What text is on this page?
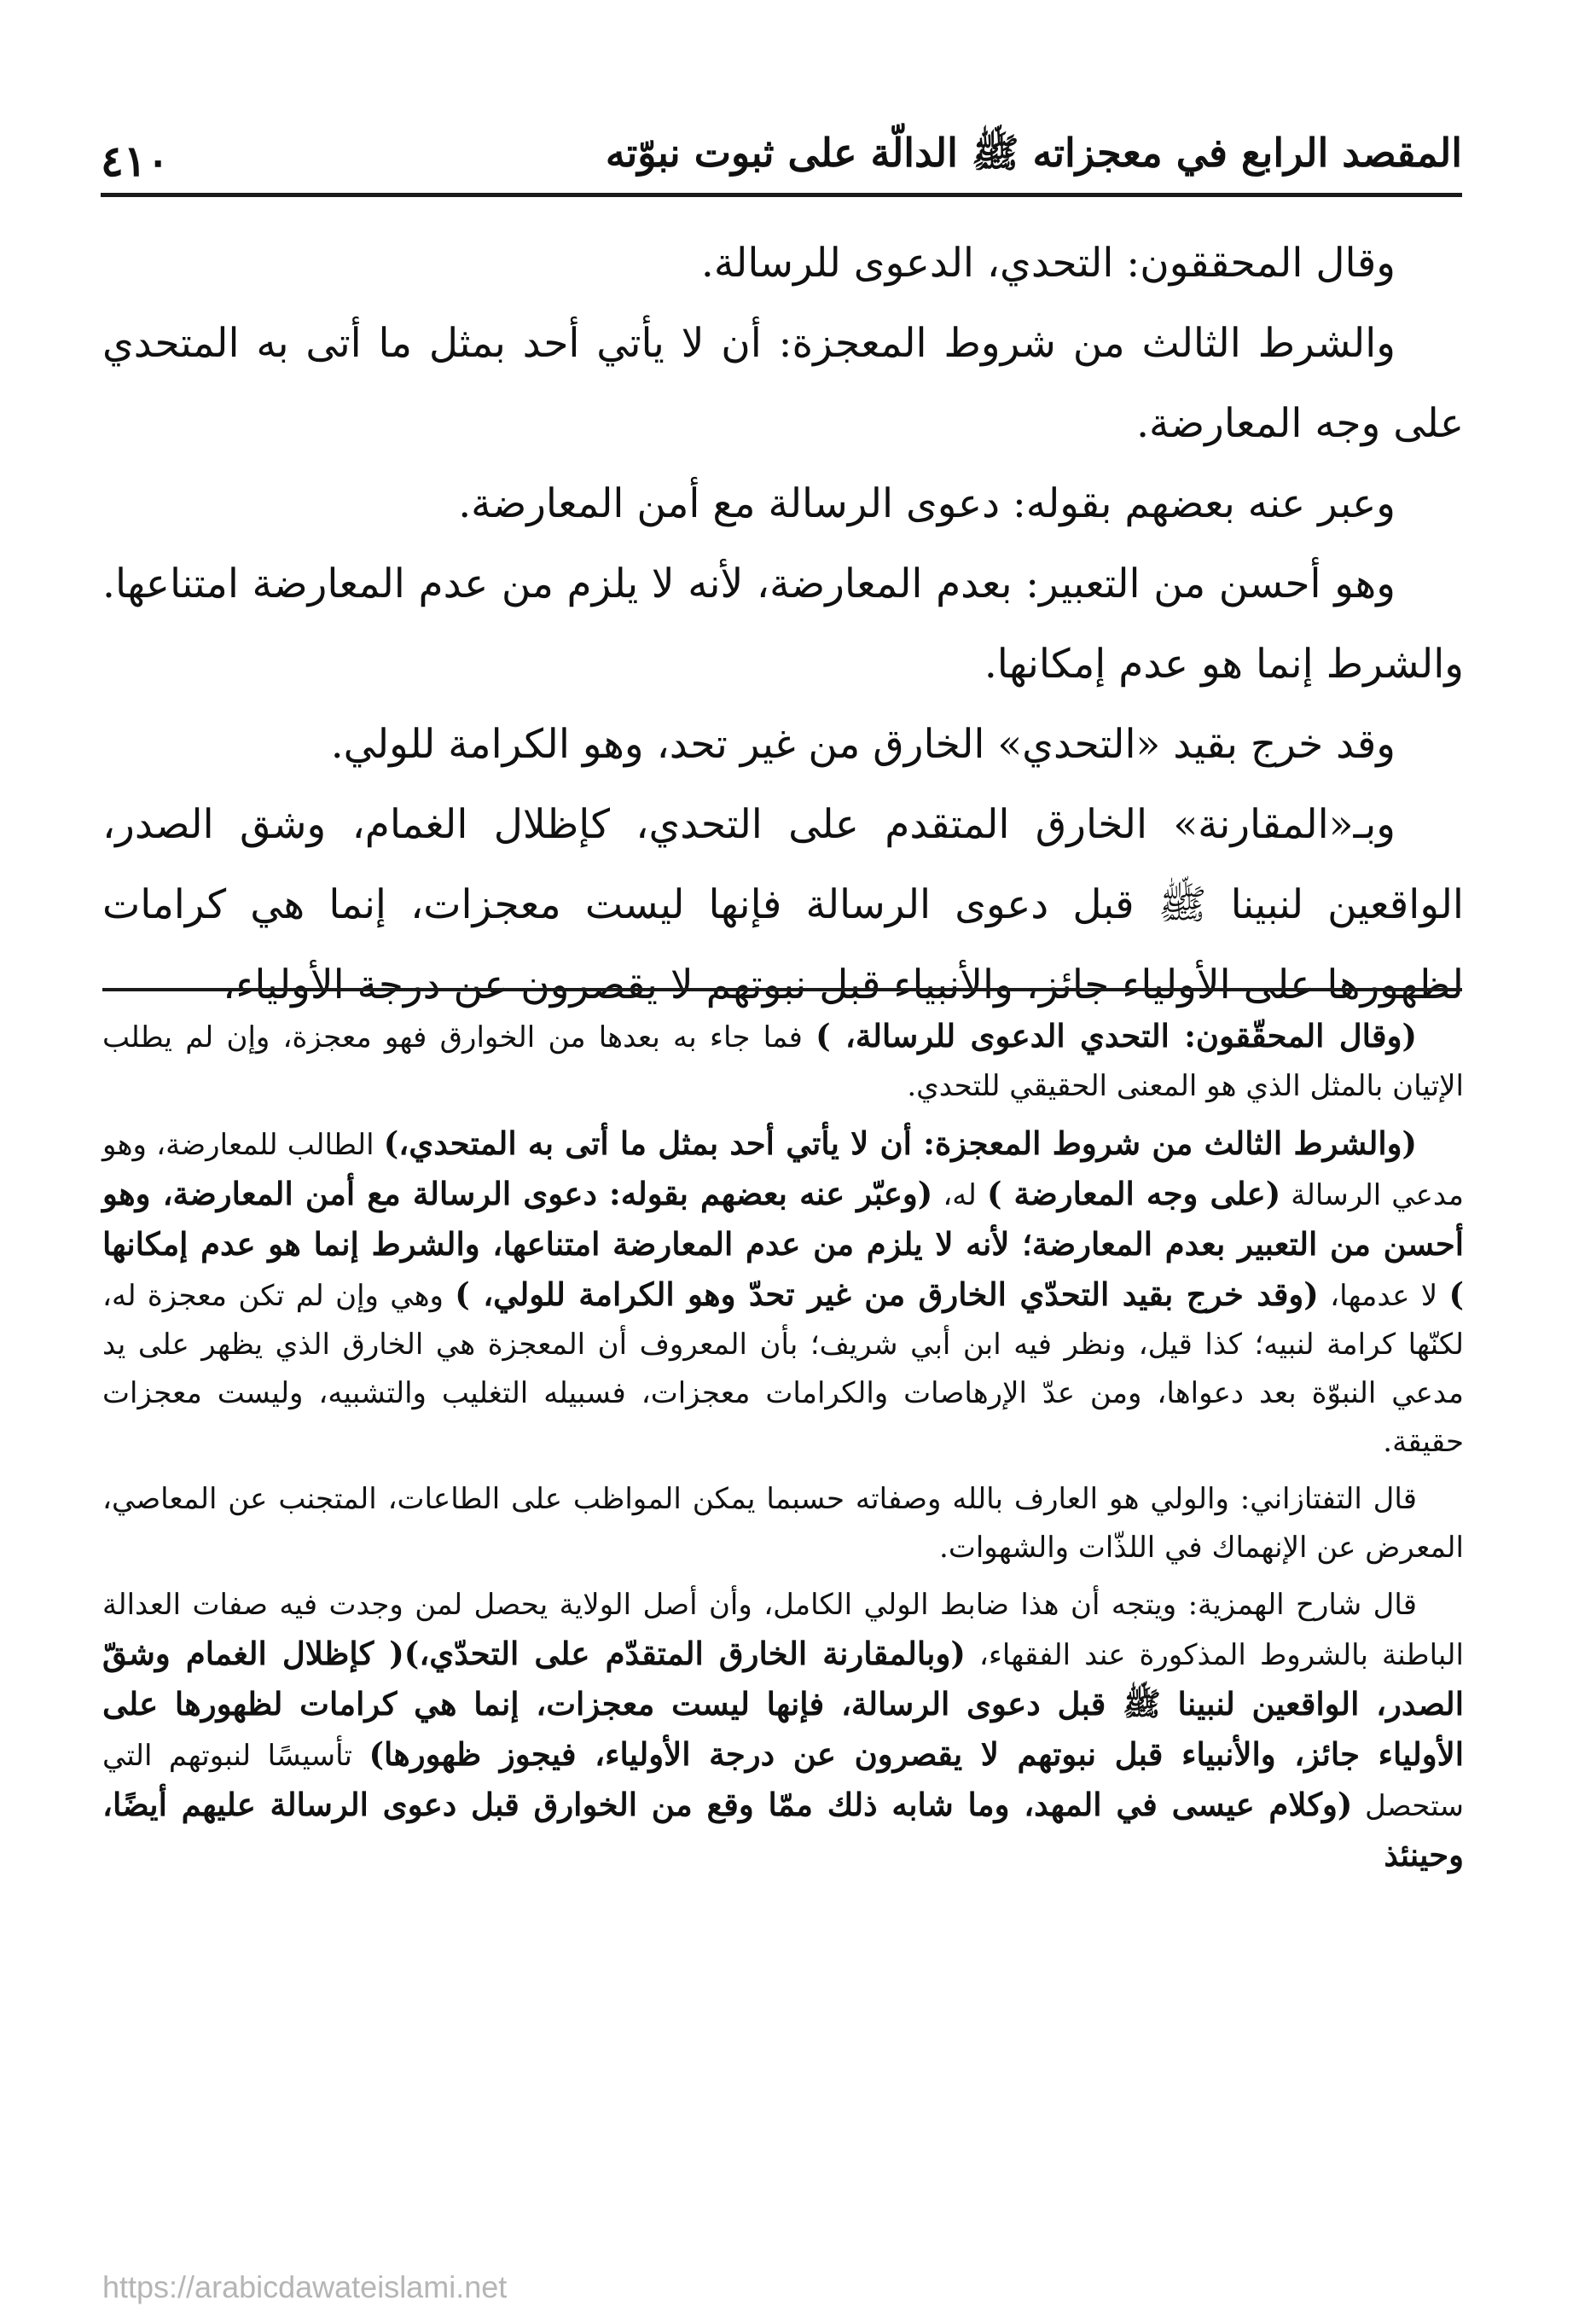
المقصد الرابع في معجزاته ﷺ الدالّة على ثبوت نبوّته
٤١٠

وقال المحققون: التحدي، الدعوى للرسالة.

والشرط الثالث من شروط المعجزة: أن لا يأتي أحد بمثل ما أتى به المتحدي على وجه المعارضة.

وعبر عنه بعضهم بقوله: دعوى الرسالة مع أمن المعارضة.

وهو أحسن من التعبير: بعدم المعارضة، لأنه لا يلزم من عدم المعارضة امتناعها. والشرط إنما هو عدم إمكانها.

وقد خرج بقيد «التحدي» الخارق من غير تحد، وهو الكرامة للولي.

وبـ«المقارنة» الخارق المتقدم على التحدي، كإظلال الغمام، وشق الصدر، الواقعين لنبينا ﷺ قبل دعوى الرسالة فإنها ليست معجزات، إنما هي كرامات لظهورها على الأولياء جائز، والأنبياء قبل نبوتهم لا يقصرون عن درجة الأولياء،

(وقال المحقّقون: التحدي الدعوى للرسالة، ) فما جاء به بعدها من الخوارق فهو معجزة، وإن لم يطلب الإتيان بالمثل الذي هو المعنى الحقيقي للتحدي.

(والشرط الثالث من شروط المعجزة: أن لا يأتي أحد بمثل ما أتى به المتحدي،) الطالب للمعارضة، وهو مدعي الرسالة (على وجه المعارضة ) له، (وعبّر عنه بعضهم بقوله: دعوى الرسالة مع أمن المعارضة، وهو أحسن من التعبير بعدم المعارضة؛ لأنه لا يلزم من عدم المعارضة امتناعها، والشرط إنما هو عدم إمكانها ) لا عدمها، (وقد خرج بقيد التحدّي الخارق من غير تحدّ وهو الكرامة للولي، ) وهي وإن لم تكن معجزة له، لكنّها كرامة لنبيه؛ كذا قيل، ونظر فيه ابن أبي شريف؛ بأن المعروف أن المعجزة هي الخارق الذي يظهر على يد مدعي النبوّة بعد دعواها، ومن عدّ الإرهاصات والكرامات معجزات، فسبيله التغليب والتشبيه، وليست معجزات حقيقة.

قال التفتازاني: والولي هو العارف بالله وصفاته حسبما يمكن المواظب على الطاعات، المتجنب عن المعاصي، المعرض عن الإنهماك في اللذّات والشهوات.

قال شارح الهمزية: ويتجه أن هذا ضابط الولي الكامل، وأن أصل الولاية يحصل لمن وجدت فيه صفات العدالة الباطنة بالشروط المذكورة عند الفقهاء، (وبالمقارنة الخارق المتقدّم على التحدّي،)( كإظلال الغمام وشقّ الصدر، الواقعين لنبينا ﷺ قبل دعوى الرسالة، فإنها ليست معجزات، إنما هي كرامات لظهورها على الأولياء جائز، والأنبياء قبل نبوتهم لا يقصرون عن درجة الأولياء، فيجوز ظهورها) تأسيسًا لنبوتهم التي ستحصل (وكلام عيسى في المهد، وما شابه ذلك ممّا وقع من الخوارق قبل دعوى الرسالة عليهم أيضًا، وحينئذ

https://arabicdawateislami.net
